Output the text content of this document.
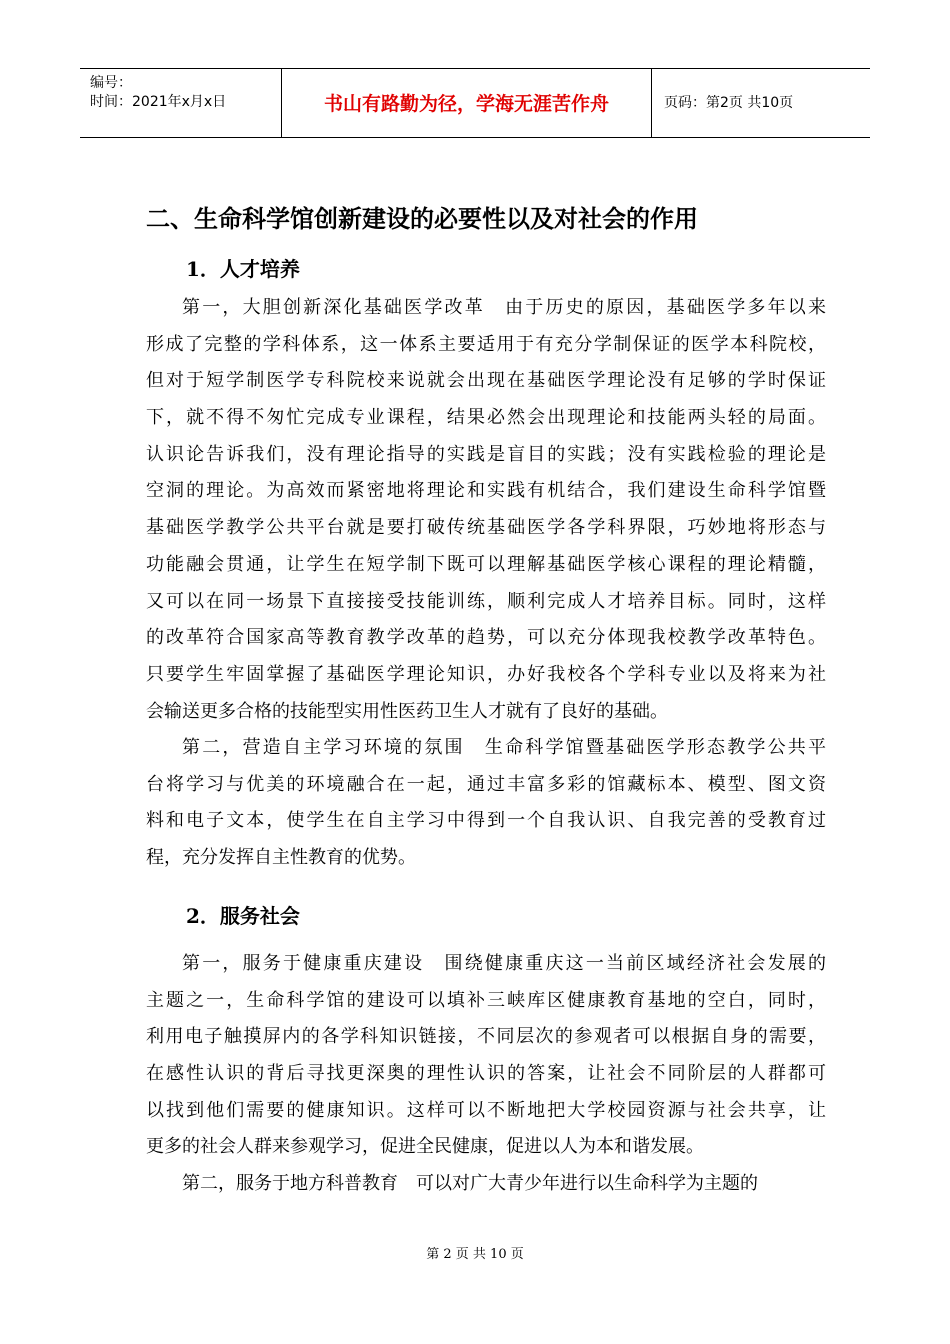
编号：
时间：2021年x月x日	书山有路勤为径，学海无涯苦作舟	页码：第2页 共10页
二、生命科学馆创新建设的必要性以及对社会的作用
1．人才培养
第一，大胆创新深化基础医学改革　由于历史的原因，基础医学多年以来
形成了完整的学科体系，这一体系主要适用于有充分学制保证的医学本科院校，
但对于短学制医学专科院校来说就会出现在基础医学理论没有足够的学时保证
下，就不得不匆忙完成专业课程，结果必然会出现理论和技能两头轻的局面。
认识论告诉我们，没有理论指导的实践是盲目的实践；没有实践检验的理论是
空洞的理论。为高效而紧密地将理论和实践有机结合，我们建设生命科学馆暨
基础医学教学公共平台就是要打破传统基础医学各学科界限，巧妙地将形态与
功能融会贯通，让学生在短学制下既可以理解基础医学核心课程的理论精髓，
又可以在同一场景下直接接受技能训练，顺利完成人才培养目标。同时，这样
的改革符合国家高等教育教学改革的趋势，可以充分体现我校教学改革特色。
只要学生牢固掌握了基础医学理论知识，办好我校各个学科专业以及将来为社
会输送更多合格的技能型实用性医药卫生人才就有了良好的基础。
第二，营造自主学习环境的氛围　生命科学馆暨基础医学形态教学公共平
台将学习与优美的环境融合在一起，通过丰富多彩的馆藏标本、模型、图文资
料和电子文本，使学生在自主学习中得到一个自我认识、自我完善的受教育过
程，充分发挥自主性教育的优势。
2．服务社会
第一，服务于健康重庆建设　围绕健康重庆这一当前区域经济社会发展的
主题之一，生命科学馆的建设可以填补三峡库区健康教育基地的空白，同时，
利用电子触摸屏内的各学科知识链接，不同层次的参观者可以根据自身的需要，
在感性认识的背后寻找更深奥的理性认识的答案，让社会不同阶层的人群都可
以找到他们需要的健康知识。这样可以不断地把大学校园资源与社会共享，让
更多的社会人群来参观学习，促进全民健康，促进以人为本和谐发展。
第二，服务于地方科普教育　可以对广大青少年进行以生命科学为主题的
第 2 页 共 10 页
